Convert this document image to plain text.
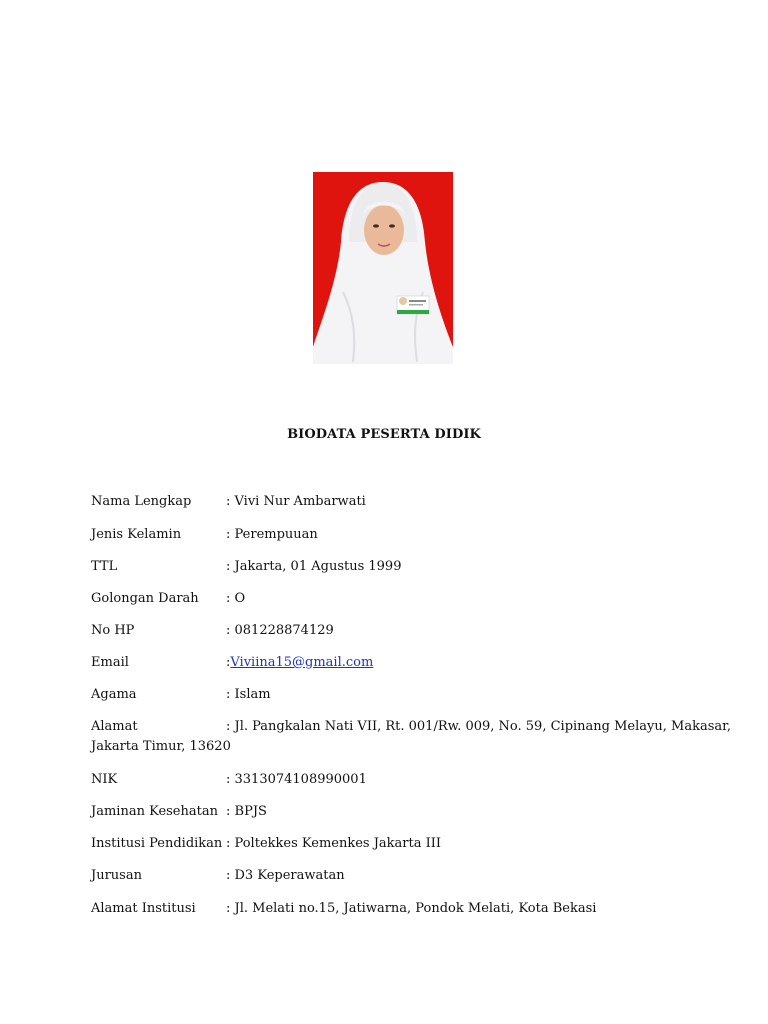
BIODATA PESERTA DIDIK
Nama Lengkap	: Vivi Nur Ambarwati
Jenis Kelamin	: Perempuuan
TTL	: Jakarta, 01 Agustus 1999
Golongan Darah : O
No HP	: 081228874129
Email	:Viviina15@gmail.com
Agama	: Islam
Alamat	: Jl. Pangkalan Nati VII, Rt. 001/Rw. 009, No. 59, Cipinang Melayu, Makasar,
Jakarta Timur, 13620
NIK	: 3313074108990001
Jaminan Kesehatan : BPJS
Institusi Pendidikan : Poltekkes Kemenkes Jakarta III
Jurusan	: D3 Keperawatan
Alamat Institusi : Jl. Melati no.15, Jatiwarna, Pondok Melati, Kota Bekasi
